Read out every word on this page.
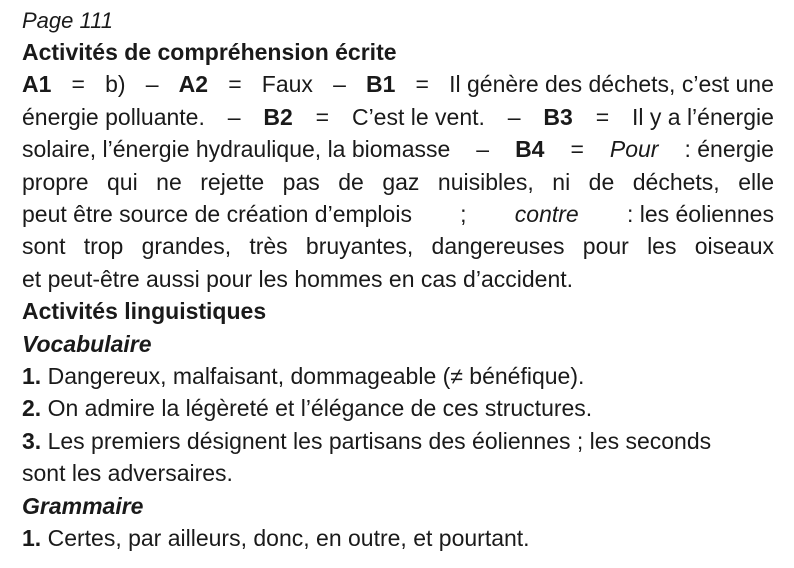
Page 111
Activités de compréhension écrite
A1 = b) – A2 = Faux – B1 = Il génère des déchets, c’est une
énergie polluante. – B2 = C’est le vent. – B3 = Il y a l’énergie
solaire, l’énergie hydraulique, la biomasse – B4 = Pour : énergie
propre qui ne rejette pas de gaz nuisibles, ni de déchets, elle
peut être source de création d’emplois ; contre : les éoliennes
sont trop grandes, très bruyantes, dangereuses pour les oiseaux
et peut-être aussi pour les hommes en cas d’accident.
Activités linguistiques
Vocabulaire
1. Dangereux, malfaisant, dommageable (≠ bénéfique).
2. On admire la légèreté et l’élégance de ces structures.
3. Les premiers désignent les partisans des éoliennes ; les seconds
sont les adversaires.
Grammaire
1. Certes, par ailleurs, donc, en outre, et pourtant.
